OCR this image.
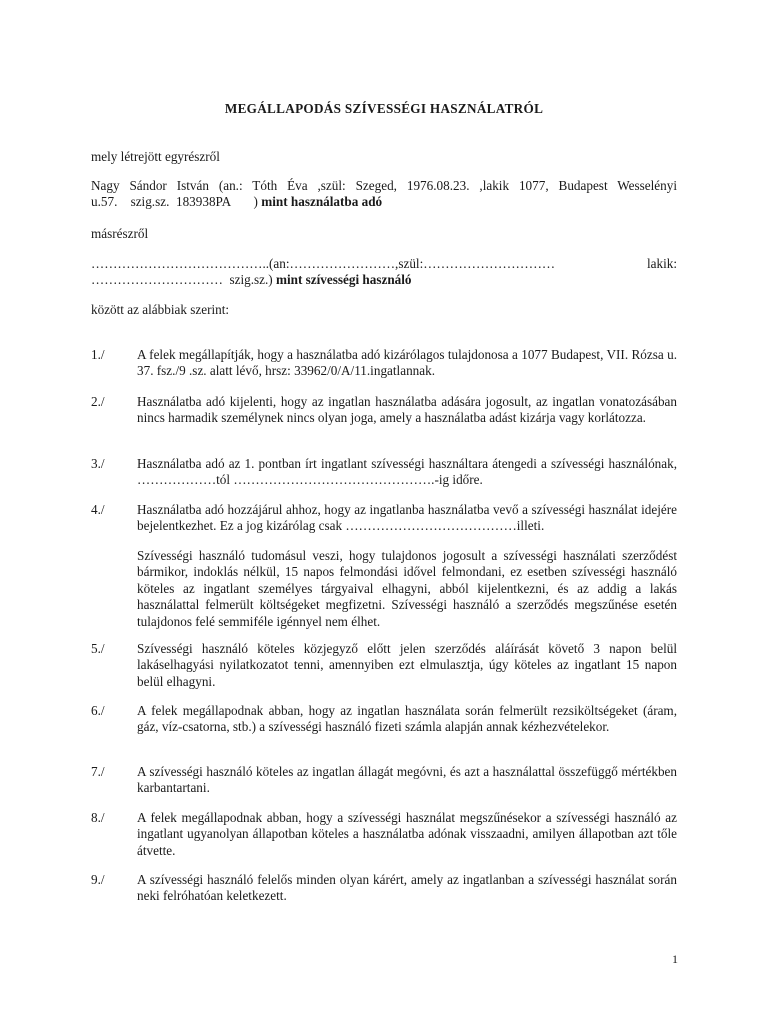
MEGÁLLAPODÁS SZÍVESSÉGI HASZNÁLATRÓL
mely létrejött egyrészről
Nagy Sándor István (an.: Tóth Éva ,szül: Szeged, 1976.08.23. ,lakik 1077, Budapest Wesselényi
u.57.    szig.sz.  183938PA       ) mint használatba adó
másrészről
…………………………………..(an:……………………,szül:…………………………	lakik:
…………………………  szig.sz.) mint szívességi használó
között az alábbiak szerint:
1./ A felek megállapítják, hogy a használatba adó kizárólagos tulajdonosa a 1077 Budapest, VII. Rózsa u. 37. fsz./9 .sz. alatt lévő, hrsz: 33962/0/A/11.ingatlannak.
2./ Használatba adó kijelenti, hogy az ingatlan használatba adására jogosult, az ingatlan vonatozásában nincs harmadik személynek nincs olyan joga, amely a használatba adást kizárja vagy korlátozza.
3./ Használatba adó az 1. pontban írt ingatlant szívességi használtara átengedi a szívességi használónak, ………………tól ……………………………………….-ig időre.
4./ Használatba adó hozzájárul ahhoz, hogy az ingatlanba használatba vevő a szívességi használat idejére bejelentkezhet. Ez a jog kizárólag csak …………………………………illeti.
Szívességi használó tudomásul veszi, hogy tulajdonos jogosult a szívességi használati szerződést bármikor, indoklás nélkül, 15 napos felmondási idővel felmondani, ez esetben szívességi használó köteles az ingatlant személyes tárgyaival elhagyni, abból kijelentkezni, és az addig a lakás használattal felmerült költségeket megfizetni. Szívességi használó a szerződés megszűnése esetén tulajdonos felé semmiféle igénnyel nem élhet.
5./ Szívességi használó köteles közjegyző előtt jelen szerződés aláírását követő 3 napon belül lakáselhagyási nyilatkozatot tenni, amennyiben ezt elmulasztja, úgy köteles az ingatlant 15 napon belül elhagyni.
6./ A felek megállapodnak abban, hogy az ingatlan használata során felmerült rezsiköltségeket (áram, gáz, víz-csatorna, stb.) a szívességi használó fizeti számla alapján annak kézhezvételekor.
7./ A szívességi használó köteles az ingatlan állagát megóvni, és azt a használattal összefüggő mértékben karbantartani.
8./ A felek megállapodnak abban, hogy a szívességi használat megszűnésekor a szívességi használó az ingatlant ugyanolyan állapotban köteles a használatba adónak visszaadni, amilyen állapotban azt tőle átvette.
9./ A szívességi használó felelős minden olyan kárért, amely az ingatlanban a szívességi használat során neki felróhatóan keletkezett.
1
